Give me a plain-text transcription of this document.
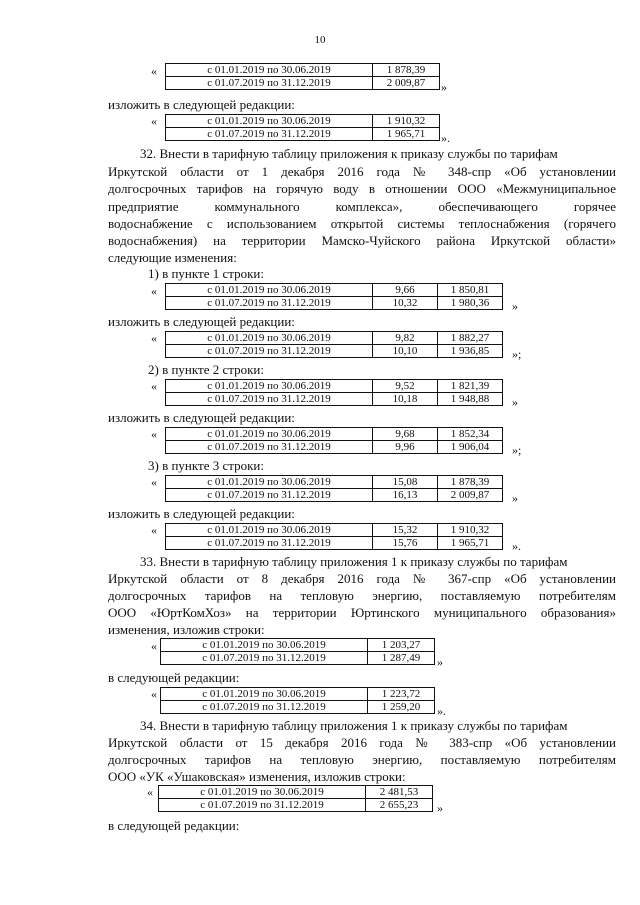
10
«	с 01.01.2019 по 30.06.2019	1 878,39
с 01.07.2019 по 31.12.2019	2 009,87 »
изложить в следующей редакции:
«	с 01.01.2019 по 30.06.2019	1 910,32
с 01.07.2019 по 31.12.2019	1 965,71 ».
32. Внести в тарифную таблицу приложения к приказу службы по тарифам
Иркутской области от 1 декабря 2016 года № 348-спр «Об установлении
долгосрочных тарифов на горячую воду в отношении ООО «Межмуниципальное
предприятие коммунального комплекса», обеспечивающего горячее
водоснабжение с использованием открытой системы теплоснабжения (горячего
водоснабжения) на территории Мамско-Чуйского района Иркутской области»
следующие изменения:
1) в пункте 1 строки:
«	с 01.01.2019 по 30.06.2019	9,66	1 850,81
с 01.07.2019 по 31.12.2019	10,32	1 980,36 »
изложить в следующей редакции:
«	с 01.01.2019 по 30.06.2019	9,82	1 882,27
с 01.07.2019 по 31.12.2019	10,10	1 936,85 »;
2) в пункте 2 строки:
«	с 01.01.2019 по 30.06.2019	9,52	1 821,39
с 01.07.2019 по 31.12.2019	10,18	1 948,88 »
изложить в следующей редакции:
«	с 01.01.2019 по 30.06.2019	9,68	1 852,34
с 01.07.2019 по 31.12.2019	9,96	1 906,04 »;
3) в пункте 3 строки:
«	с 01.01.2019 по 30.06.2019	15,08	1 878,39
с 01.07.2019 по 31.12.2019	16,13	2 009,87 »
изложить в следующей редакции:
«	с 01.01.2019 по 30.06.2019	15,32	1 910,32
с 01.07.2019 по 31.12.2019	15,76	1 965,71 ».
33. Внести в тарифную таблицу приложения 1 к приказу службы по тарифам
Иркутской области от 8 декабря 2016 года № 367-спр «Об установлении
долгосрочных тарифов на тепловую энергию, поставляемую потребителям
ООО «ЮртКомХоз» на территории Юртинского муниципального образования»
изменения, изложив строки:
«	с 01.01.2019 по 30.06.2019	1 203,27
с 01.07.2019 по 31.12.2019	1 287,49 »
в следующей редакции:
«	с 01.01.2019 по 30.06.2019	1 223,72
с 01.07.2019 по 31.12.2019	1 259,20 ».
34. Внести в тарифную таблицу приложения 1 к приказу службы по тарифам
Иркутской области от 15 декабря 2016 года № 383-спр «Об установлении
долгосрочных тарифов на тепловую энергию, поставляемую потребителям
ООО «УК «Ушаковская» изменения, изложив строки:
«	с 01.01.2019 по 30.06.2019	2 481,53
с 01.07.2019 по 31.12.2019	2 655,23 »
в следующей редакции:
